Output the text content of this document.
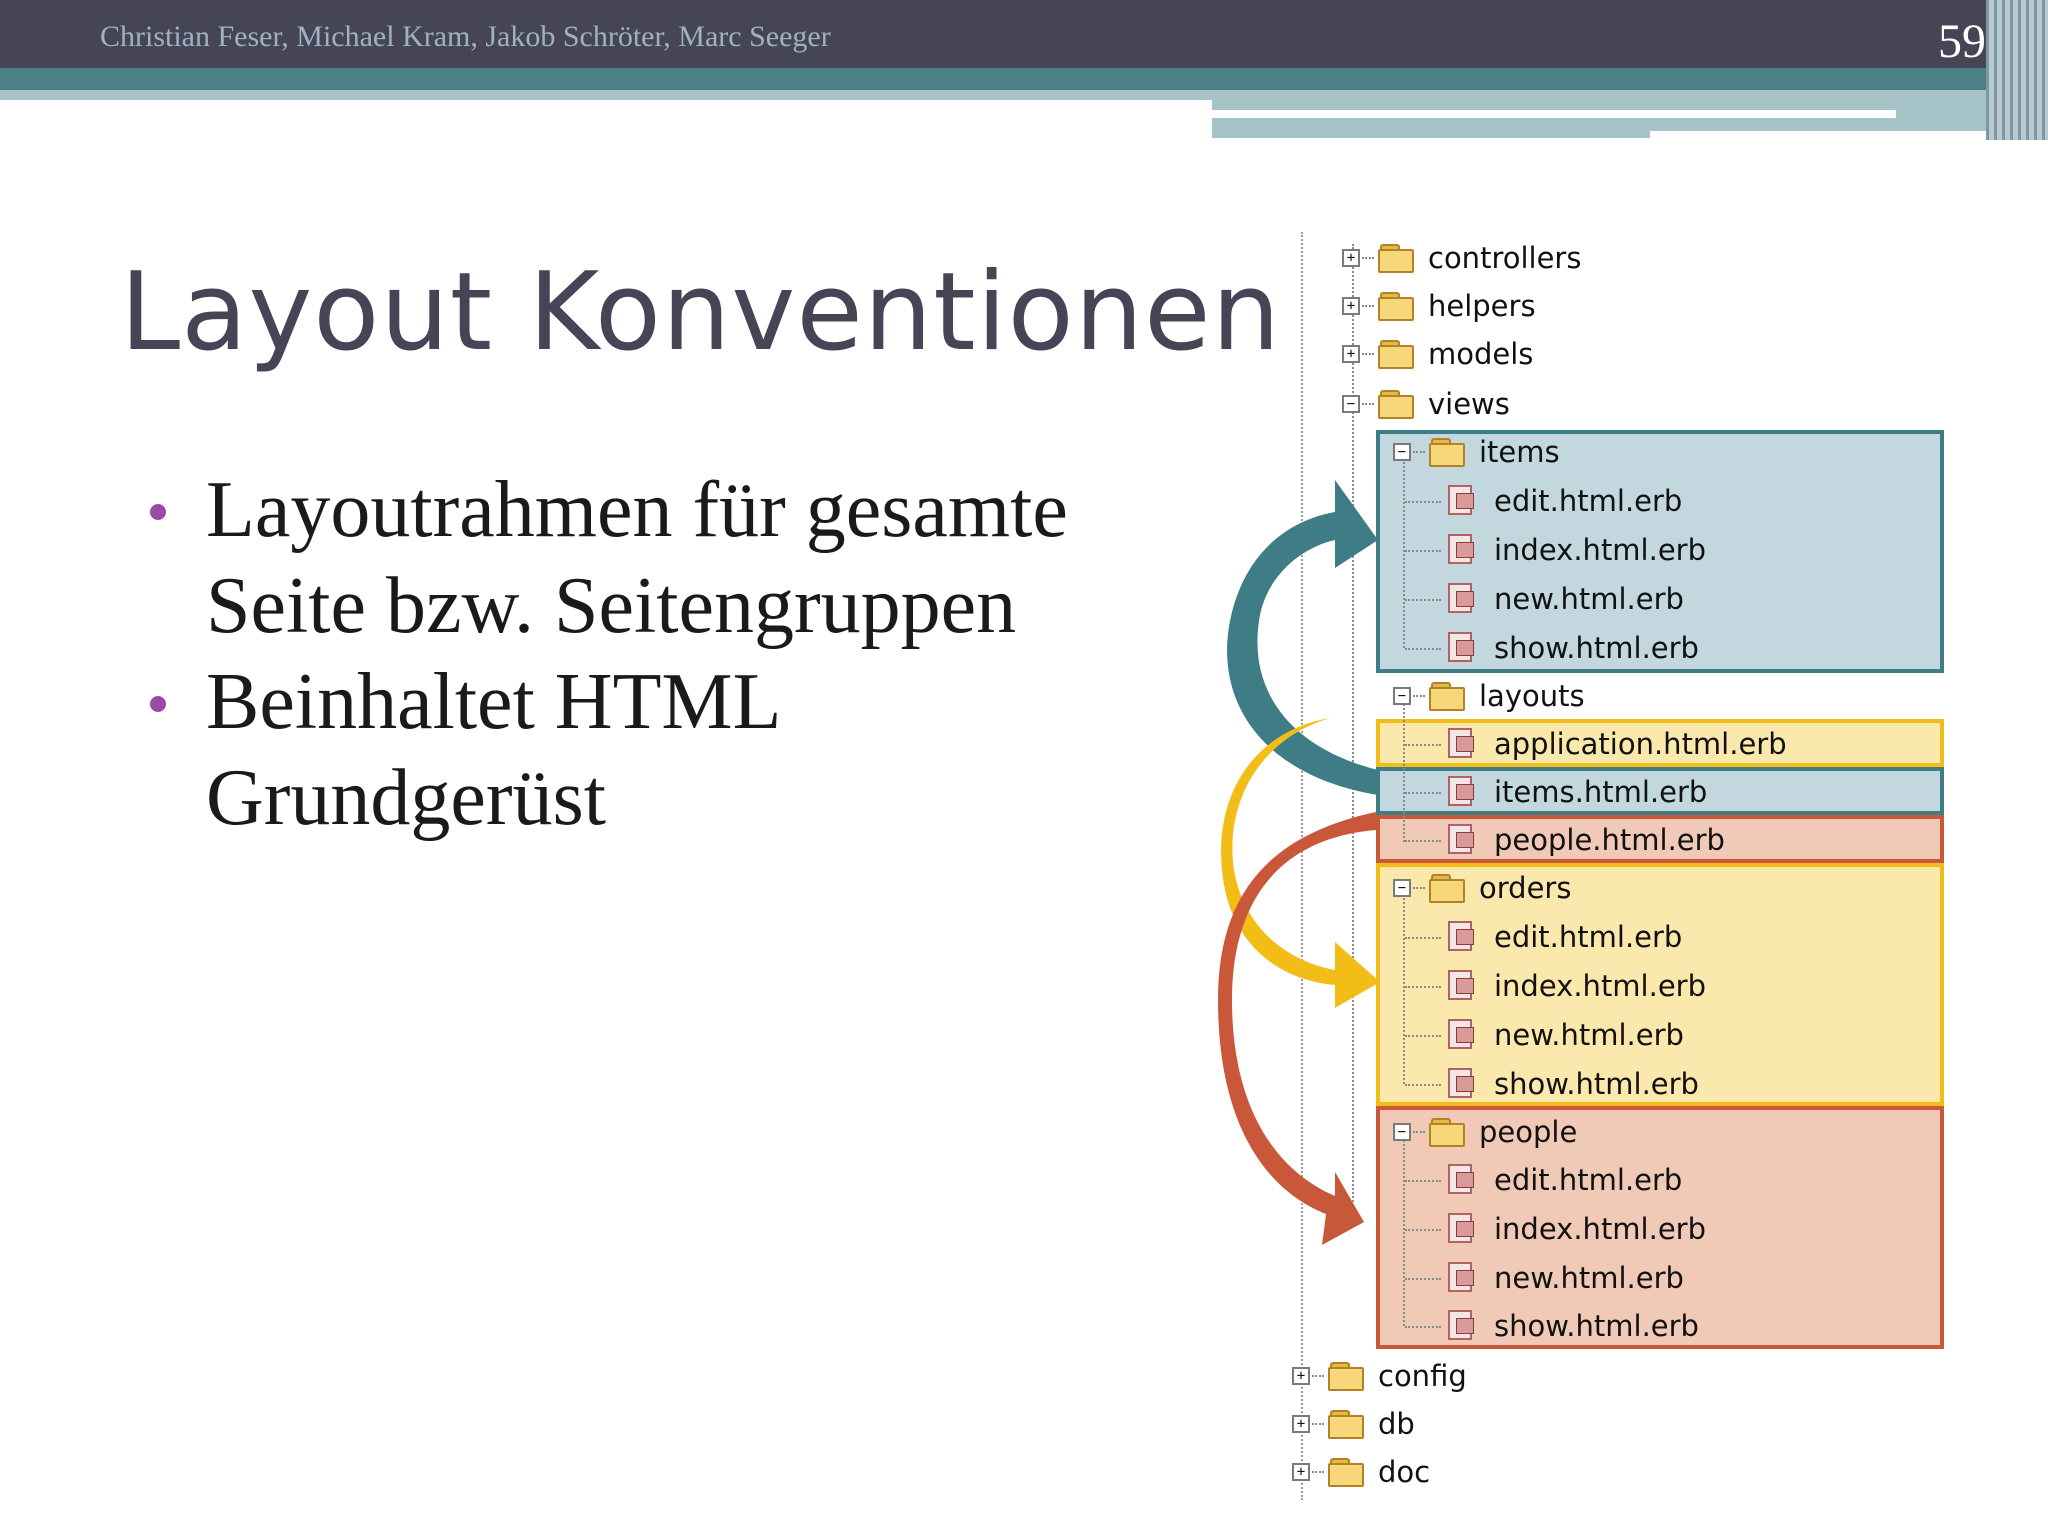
Christian Feser, Michael Kram, Jakob Schröter, Marc Seeger	59
Layout Konventionen
Layoutrahmen für gesamte Seite bzw. Seitengruppen
Beinhaltet HTML Grundgerüst
+	controllers
+	helpers
+	models
−	views
−	items
edit.html.erb
index.html.erb
new.html.erb
show.html.erb
−	layouts
application.html.erb
items.html.erb
people.html.erb
−	orders
edit.html.erb
index.html.erb
new.html.erb
show.html.erb
−	people
edit.html.erb
index.html.erb
new.html.erb
show.html.erb
+	config
+	db
+	doc
